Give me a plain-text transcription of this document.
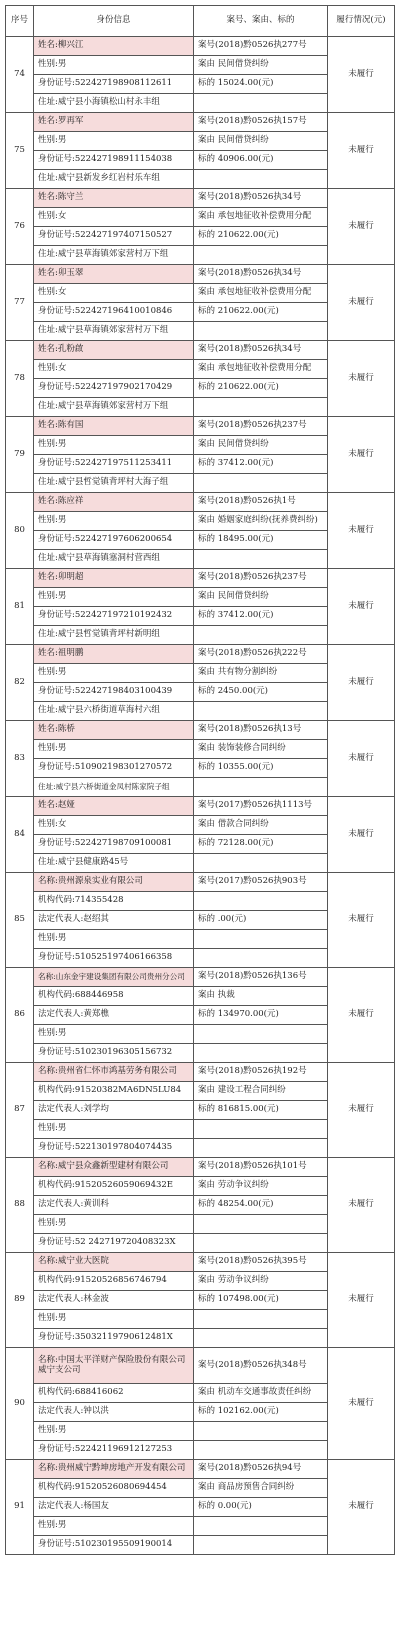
序号	身份信息	案号、案由、标的	履行情况(元)
74	姓名:柳兴江	案号(2018)黔0526执277号	未履行
	性别:男	案由 民间借贷纠纷	
	身份证号:522427198908112611	标的 15024.00(元)	
	住址:威宁县小海镇松山村永丰组		
75	姓名:罗再军	案号(2018)黔0526执157号	未履行
	性别:男	案由 民间借贷纠纷	
	身份证号:522427198911154038	标的 40906.00(元)	
	住址:威宁县新发乡红岩村乐车组		
76	姓名:陈守兰	案号(2018)黔0526执34号	未履行
	性别:女	案由 承包地征收补偿费用分配	
	身份证号:522427197407150527	标的 210622.00(元)	
	住址:威宁县草海镇郊家营村万下组		
77	姓名:卯玉翠	案号(2018)黔0526执34号	未履行
	性别:女	案由 承包地征收补偿费用分配	
	身份证号:522427196410010846	标的 210622.00(元)	
	住址:威宁县草海镇郊家营村万下组		
78	姓名:孔粉啟	案号(2018)黔0526执34号	未履行
	性别:女	案由 承包地征收补偿费用分配	
	身份证号:522427197902170429	标的 210622.00(元)	
	住址:威宁县草海镇郊家营村万下组		
79	姓名:陈有国	案号(2018)黔0526执237号	未履行
	性别:男	案由 民间借贷纠纷	
	身份证号:522427197511253411	标的 37412.00(元)	
	住址:威宁县哲觉镇背坪村大海子组		
80	姓名:陈应祥	案号(2018)黔0526执1号	未履行
	性别:男	案由 婚姻家庭纠纷(抚养费纠纷)	
	身份证号:522427197606200654	标的 18495.00(元)	
	住址:威宁县草海镇塞洞村营西组		
81	姓名:卯明超	案号(2018)黔0526执237号	未履行
	性别:男	案由 民间借贷纠纷	
	身份证号:522427197210192432	标的 37412.00(元)	
	住址:威宁县哲觉镇背坪村新明组		
82	姓名:祖明鹏	案号(2018)黔0526执222号	未履行
	性别:男	案由 共有物分割纠纷	
	身份证号:522427198403100439	标的 2450.00(元)	
	住址:威宁县六桥街道草海村六组		
83	姓名:陈桥	案号(2018)黔0526执13号	未履行
	性别:男	案由 装饰装修合同纠纷	
	身份证号:510902198301270572	标的 10355.00(元)	
	住址:威宁县六桥街道金凤村陈家院子组		
84	姓名:赵娅	案号(2017)黔0526执1113号	未履行
	性别:女	案由 借款合同纠纷	
	身份证号:522427198709100081	标的 72128.00(元)	
	住址:威宁县健康路45号		
85	名称:贵州源泉实业有限公司	案号(2017)黔0526执903号	未履行
	机构代码:714355428		
	法定代表人:赵绍其	标的 .00(元)	
	性别:男		
	身份证号:510525197406166358		
86	名称:山东金宇建设集团有限公司贵州分公司	案号(2018)黔0526执136号	未履行
	机构代码:688446958	案由 执裁	
	法定代表人:黄郑樵	标的 134970.00(元)	
	性别:男		
	身份证号:510230196305156732		
87	名称:贵州省仁怀市鸿基劳务有限公司	案号(2018)黔0526执192号	未履行
	机构代码:91520382MA6DN5LU84	案由 建设工程合同纠纷	
	法定代表人:刘学均	标的 816815.00(元)	
	性别:男		
	身份证号:522130197804074435		
88	名称:威宁县众鑫新型建材有限公司	案号(2018)黔0526执101号	未履行
	机构代码:91520526059069432E	案由 劳动争议纠纷	
	法定代表人:黄训科	标的 48254.00(元)	
	性别:男		
	身份证号:52 242719720408323X		
89	名称:威宁业大医院	案号(2018)黔0526执395号	未履行
	机构代码:91520526856746794	案由 劳动争议纠纷	
	法定代表人:林金波	标的 107498.00(元)	
	性别:男		
	身份证号:35032119790612481X		
90	名称:中国太平洋财产保险股份有限公司威宁支公司	案号(2018)黔0526执348号	未履行
	机构代码:688416062	案由 机动车交通事故责任纠纷	
	法定代表人:钟以洪	标的 102162.00(元)	
	性别:男		
	身份证号:522421196912127253		
91	名称:贵州威宁黔坤房地产开发有限公司	案号(2018)黔0526执94号	未履行
	机构代码:91520526080694454	案由 商品房预售合同纠纷	
	法定代表人:杨国友	标的 0.00(元)	
	性别:男		
	身份证号:510230195509190014		
